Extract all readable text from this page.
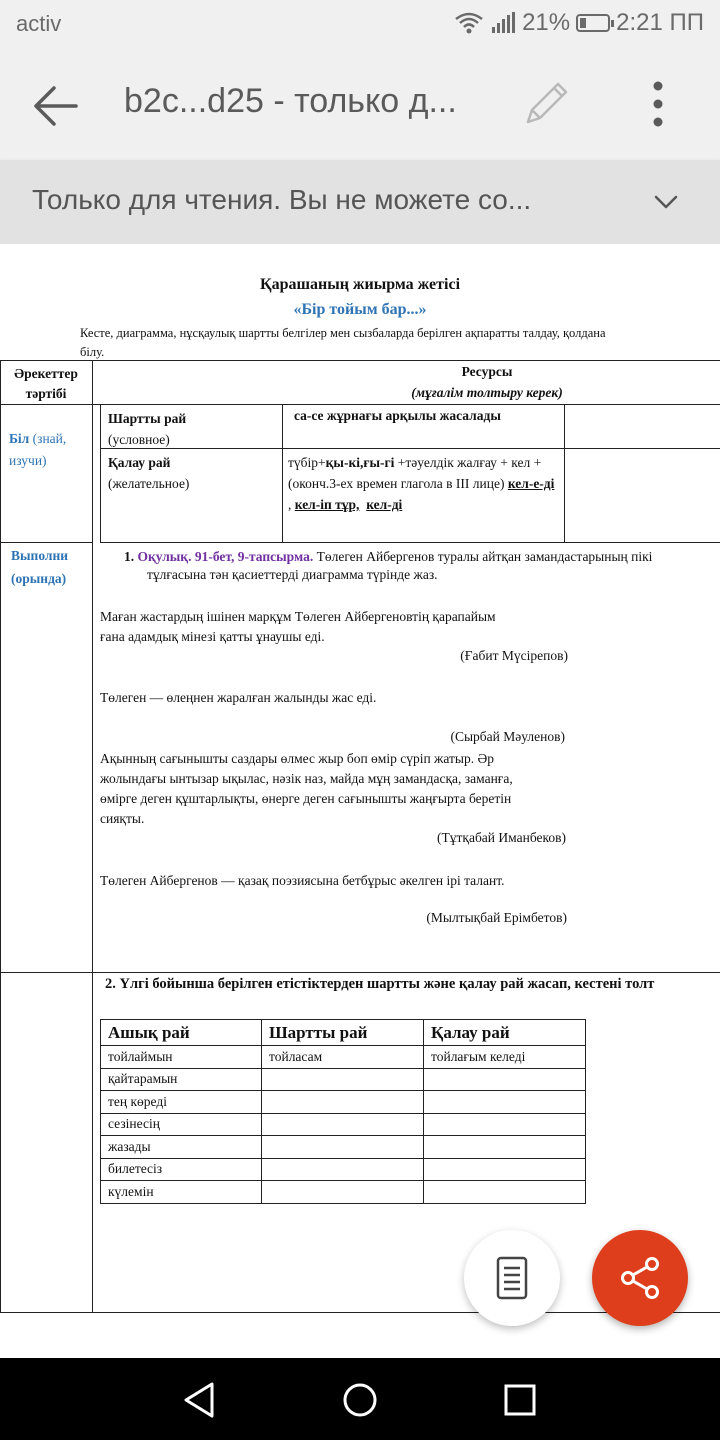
activ	21% 2:21 ПП
b2c...d25 - только д...
Только для чтения. Вы не можете со...
Қарашаның жиырма жетісі
«Бір тойым бар...»
Кесте, диаграмма, нұсқаулық шартты белгілер мен сызбаларда берілген ақпаратты талдау, қолдана білу.
Әрекеттер тәртібі
Ресурсы
(мұғалім толтыру керек)
Біл (знай, изучи)
Шартты рай
(условное)
са-се жұрнағы арқылы жасалады
Қалау рай
(желательное)
түбір+қы-кі,ғы-гі +тәуелдік жалғау + кел + (оконч.3-ех времен глагола в III лице) кел-е-ді , кел-іп тұр, кел-ді
Выполни
(орында)
1. Оқулық. 91-бет, 9-тапсырма. Төлеген Айбергенов туралы айтқан замандастарының пікі
тұлғасына тән қасиеттерді диаграмма түрінде жаз.
Маған жастардың ішінен марқұм Төлеген Айбергеновтің қарапайым
ғана адамдық мінезі қатты ұнаушы еді.
(Ғабит Мүсірепов)
Төлеген — өлеңнен жаралған жалынды жас еді.
(Сырбай Мәуленов)
Ақынның сағынышты саздары өлмес жыр боп өмір сүріп жатыр. Әр
жолындағы ынтызар ықылас, нәзік наз, майда мұң замандасқа, заманға,
өмірге деген құштарлықты, өнерге деген сағынышты жаңғырта беретін
сияқты.
(Тұтқабай Иманбеков)
Төлеген Айбергенов — қазақ поэзиясына бетбұрыс әкелген ірі талант.
(Мылтықбай Ерімбетов)
2. Үлгі бойынша берілген етістіктерден шартты және қалау рай жасап, кестені толт
Ашық рай	Шартты рай	Қалау рай
тойлаймын	тойласам	тойлағым келеді
қайтарамын		
тең көреді		
сезінесің		
жазады		
билетесіз		
күлемін		
